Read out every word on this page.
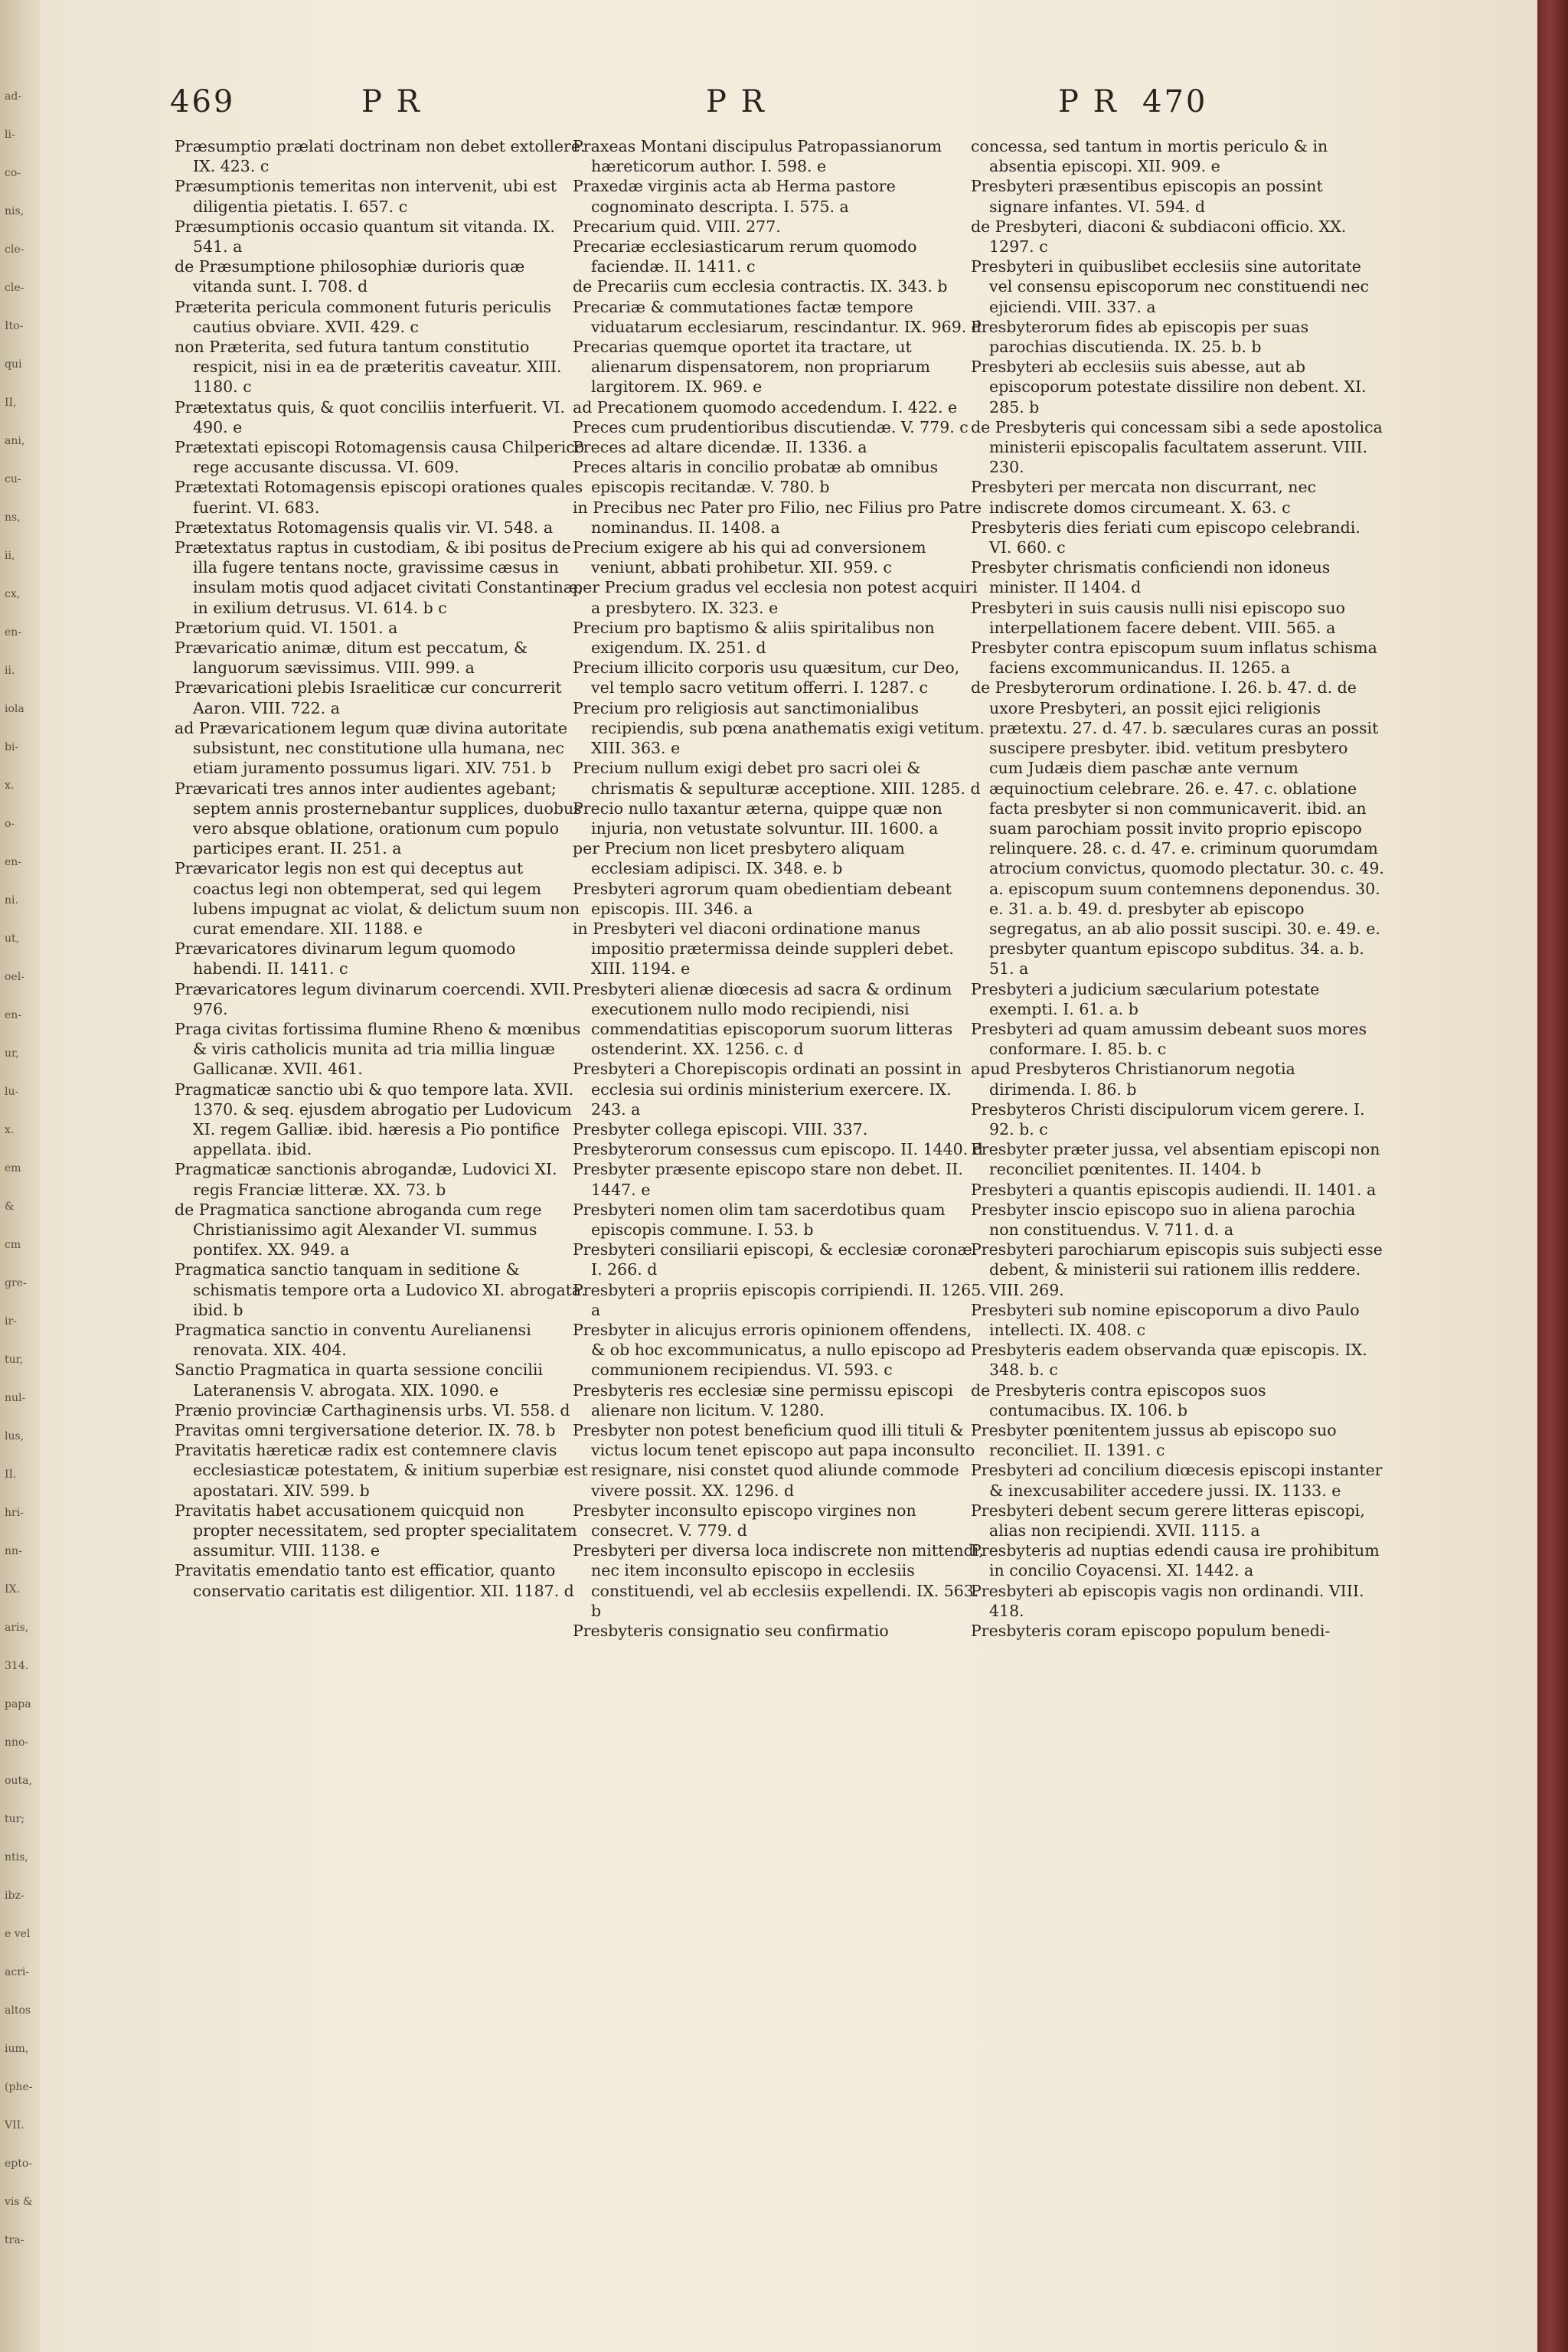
ad-
li-
co-
nis,
cle-
cle-
Ito-
qui
II,
ani,
cu-
ns,
ii,
cx,
en-
ii.
iola
bi-
x.
o-
en-
ni.
ut,
oel-
en-
ur,
lu-
x.
em
&
cm
gre-
ir-
tur,
nul-
lus,
II.
hri-
nn-
IX.
aris,
314.
papa
nno-
outa,
tur;
ntis,
ibz-
e vel
acri-
altos
ium,
(phe-
VII.
epto-
vis &
tra-
469	P R	P R	P R 470

Præsumptio prælati doctrinam non debet extollere. IX. 423. c

Præsumptionis temeritas non intervenit, ubi est diligentia pietatis. I. 657. c

Præsumptionis occasio quantum sit vitanda. IX. 541. a

de Præsumptione philosophiæ durioris quæ vitanda sunt. I. 708. d

Præterita pericula commonent futuris periculis cautius obviare. XVII. 429. c

non Præterita, sed futura tantum constitutio respicit, nisi in ea de præteritis caveatur. XIII. 1180. c

Prætextatus quis, & quot conciliis interfuerit. VI. 490. e

Prætextati episcopi Rotomagensis causa Chilperico rege accusante discussa. VI. 609.

Prætextati Rotomagensis episcopi orationes quales fuerint. VI. 683.

Prætextatus Rotomagensis qualis vir. VI. 548. a

Prætextatus raptus in custodiam, & ibi positus de illa fugere tentans nocte, gravissime cæsus in insulam motis quod adjacet civitati Constantinæ, in exilium detrusus. VI. 614. b c

Prætorium quid. VI. 1501. a

Prævaricatio animæ, ditum est peccatum, & languorum sævissimus. VIII. 999. a

Prævaricationi plebis Israeliticæ cur concurrerit Aaron. VIII. 722. a

ad Prævaricationem legum quæ divina autoritate subsistunt, nec constitutione ulla humana, nec etiam juramento possumus ligari. XIV. 751. b

Prævaricati tres annos inter audientes agebant; septem annis prosternebantur supplices, duobus vero absque oblatione, orationum cum populo participes erant. II. 251. a

Prævaricator legis non est qui deceptus aut coactus legi non obtemperat, sed qui legem lubens impugnat ac violat, & delictum suum non curat emendare. XII. 1188. e

Prævaricatores divinarum legum quomodo habendi. II. 1411. c

Prævaricatores legum divinarum coercendi. XVII. 976.

Praga civitas fortissima flumine Rheno & mœnibus & viris catholicis munita ad tria millia linguæ Gallicanæ. XVII. 461.

Pragmaticæ sanctio ubi & quo tempore lata. XVII. 1370. & seq. ejusdem abrogatio per Ludovicum XI. regem Galliæ. ibid. hæresis a Pio pontifice appellata. ibid.

Pragmaticæ sanctionis abrogandæ, Ludovici XI. regis Franciæ litteræ. XX. 73. b

de Pragmatica sanctione abroganda cum rege Christianissimo agit Alexander VI. summus pontifex. XX. 949. a

Pragmatica sanctio tanquam in seditione & schismatis tempore orta a Ludovico XI. abrogata. ibid. b

Pragmatica sanctio in conventu Aurelianensi renovata. XIX. 404.

Sanctio Pragmatica in quarta sessione concilii Lateranensis V. abrogata. XIX. 1090. e

Prænio provinciæ Carthaginensis urbs. VI. 558. d

Pravitas omni tergiversatione deterior. IX. 78. b

Pravitatis hæreticæ radix est contemnere clavis ecclesiasticæ potestatem, & initium superbiæ est apostatari. XIV. 599. b

Pravitatis habet accusationem quicquid non propter necessitatem, sed propter specialitatem assumitur. VIII. 1138. e

Pravitatis emendatio tanto est efficatior, quanto conservatio caritatis est diligentior. XII. 1187. d

Praxeas Montani discipulus Patropassianorum hæreticorum author. I. 598. e

Praxedæ virginis acta ab Herma pastore cognominato descripta. I. 575. a

Precarium quid. VIII. 277.

Precariæ ecclesiasticarum rerum quomodo faciendæ. II. 1411. c

de Precariis cum ecclesia contractis. IX. 343. b

Precariæ & commutationes factæ tempore viduatarum ecclesiarum, rescindantur. IX. 969. d

Precarias quemque oportet ita tractare, ut alienarum dispensatorem, non propriarum largitorem. IX. 969. e

ad Precationem quomodo accedendum. I. 422. e

Preces cum prudentioribus discutiendæ. V. 779. c

Preces ad altare dicendæ. II. 1336. a

Preces altaris in concilio probatæ ab omnibus episcopis recitandæ. V. 780. b

in Precibus nec Pater pro Filio, nec Filius pro Patre nominandus. II. 1408. a

Precium exigere ab his qui ad conversionem veniunt, abbati prohibetur. XII. 959. c

per Precium gradus vel ecclesia non potest acquiri a presbytero. IX. 323. e

Precium pro baptismo & aliis spiritalibus non exigendum. IX. 251. d

Precium illicito corporis usu quæsitum, cur Deo, vel templo sacro vetitum offerri. I. 1287. c

Precium pro religiosis aut sanctimonialibus recipiendis, sub pœna anathematis exigi vetitum. XIII. 363. e

Precium nullum exigi debet pro sacri olei & chrismatis & sepulturæ acceptione. XIII. 1285. d

Precio nullo taxantur æterna, quippe quæ non injuria, non vetustate solvuntur. III. 1600. a

per Precium non licet presbytero aliquam ecclesiam adipisci. IX. 348. e. b

Presbyteri agrorum quam obedientiam debeant episcopis. III. 346. a

in Presbyteri vel diaconi ordinatione manus impositio prætermissa deinde suppleri debet. XIII. 1194. e

Presbyteri alienæ diœcesis ad sacra & ordinum executionem nullo modo recipiendi, nisi commendatitias episcoporum suorum litteras ostenderint. XX. 1256. c. d

Presbyteri a Chorepiscopis ordinati an possint in ecclesia sui ordinis ministerium exercere. IX. 243. a

Presbyter collega episcopi. VIII. 337.

Presbyterorum consessus cum episcopo. II. 1440. d

Presbyter præsente episcopo stare non debet. II. 1447. e

Presbyteri nomen olim tam sacerdotibus quam episcopis commune. I. 53. b

Presbyteri consiliarii episcopi, & ecclesiæ coronæ. I. 266. d

Presbyteri a propriis episcopis corripiendi. II. 1265. a

Presbyter in alicujus erroris opinionem offendens, & ob hoc excommunicatus, a nullo episcopo ad communionem recipiendus. VI. 593. c

Presbyteris res ecclesiæ sine permissu episcopi alienare non licitum. V. 1280.

Presbyter non potest beneficium quod illi tituli & victus locum tenet episcopo aut papa inconsulto resignare, nisi constet quod aliunde commode vivere possit. XX. 1296. d

Presbyter inconsulto episcopo virgines non consecret. V. 779. d

Presbyteri per diversa loca indiscrete non mittendi, nec item inconsulto episcopo in ecclesiis constituendi, vel ab ecclesiis expellendi. IX. 563. b

Presbyteris consignatio seu confirmatio

concessa, sed tantum in mortis periculo & in absentia episcopi. XII. 909. e

Presbyteri præsentibus episcopis an possint signare infantes. VI. 594. d

de Presbyteri, diaconi & subdiaconi officio. XX. 1297. c

Presbyteri in quibuslibet ecclesiis sine autoritate vel consensu episcoporum nec constituendi nec ejiciendi. VIII. 337. a

Presbyterorum fides ab episcopis per suas parochias discutienda. IX. 25. b. b

Presbyteri ab ecclesiis suis abesse, aut ab episcoporum potestate dissilire non debent. XI. 285. b

de Presbyteris qui concessam sibi a sede apostolica ministerii episcopalis facultatem asserunt. VIII. 230.

Presbyteri per mercata non discurrant, nec indiscrete domos circumeant. X. 63. c

Presbyteris dies feriati cum episcopo celebrandi. VI. 660. c

Presbyter chrismatis conficiendi non idoneus minister. II 1404. d

Presbyteri in suis causis nulli nisi episcopo suo interpellationem facere debent. VIII. 565. a

Presbyter contra episcopum suum inflatus schisma faciens excommunicandus. II. 1265. a

de Presbyterorum ordinatione. I. 26. b. 47. d. de uxore Presbyteri, an possit ejici religionis prætextu. 27. d. 47. b. sæculares curas an possit suscipere presbyter. ibid. vetitum presbytero cum Judæis diem paschæ ante vernum æquinoctium celebrare. 26. e. 47. c. oblatione facta presbyter si non communicaverit. ibid. an suam parochiam possit invito proprio episcopo relinquere. 28. c. d. 47. e. criminum quorumdam atrocium convictus, quomodo plectatur. 30. c. 49. a. episcopum suum contemnens deponendus. 30. e. 31. a. b. 49. d. presbyter ab episcopo segregatus, an ab alio possit suscipi. 30. e. 49. e. presbyter quantum episcopo subditus. 34. a. b. 51. a

Presbyteri a judicium sæcularium potestate exempti. I. 61. a. b

Presbyteri ad quam amussim debeant suos mores conformare. I. 85. b. c

apud Presbyteros Christianorum negotia dirimenda. I. 86. b

Presbyteros Christi discipulorum vicem gerere. I. 92. b. c

Presbyter præter jussa, vel absentiam episcopi non reconciliet pœnitentes. II. 1404. b

Presbyteri a quantis episcopis audiendi. II. 1401. a

Presbyter inscio episcopo suo in aliena parochia non constituendus. V. 711. d. a

Presbyteri parochiarum episcopis suis subjecti esse debent, & ministerii sui rationem illis reddere. VIII. 269.

Presbyteri sub nomine episcoporum a divo Paulo intellecti. IX. 408. c

Presbyteris eadem observanda quæ episcopis. IX. 348. b. c

de Presbyteris contra episcopos suos contumacibus. IX. 106. b

Presbyter pœnitentem jussus ab episcopo suo reconciliet. II. 1391. c

Presbyteri ad concilium diœcesis episcopi instanter & inexcusabiliter accedere jussi. IX. 1133. e

Presbyteri debent secum gerere litteras episcopi, alias non recipiendi. XVII. 1115. a

Presbyteris ad nuptias edendi causa ire prohibitum in concilio Coyacensi. XI. 1442. a

Presbyteri ab episcopis vagis non ordinandi. VIII. 418.

Presbyteris coram episcopo populum benedi-
